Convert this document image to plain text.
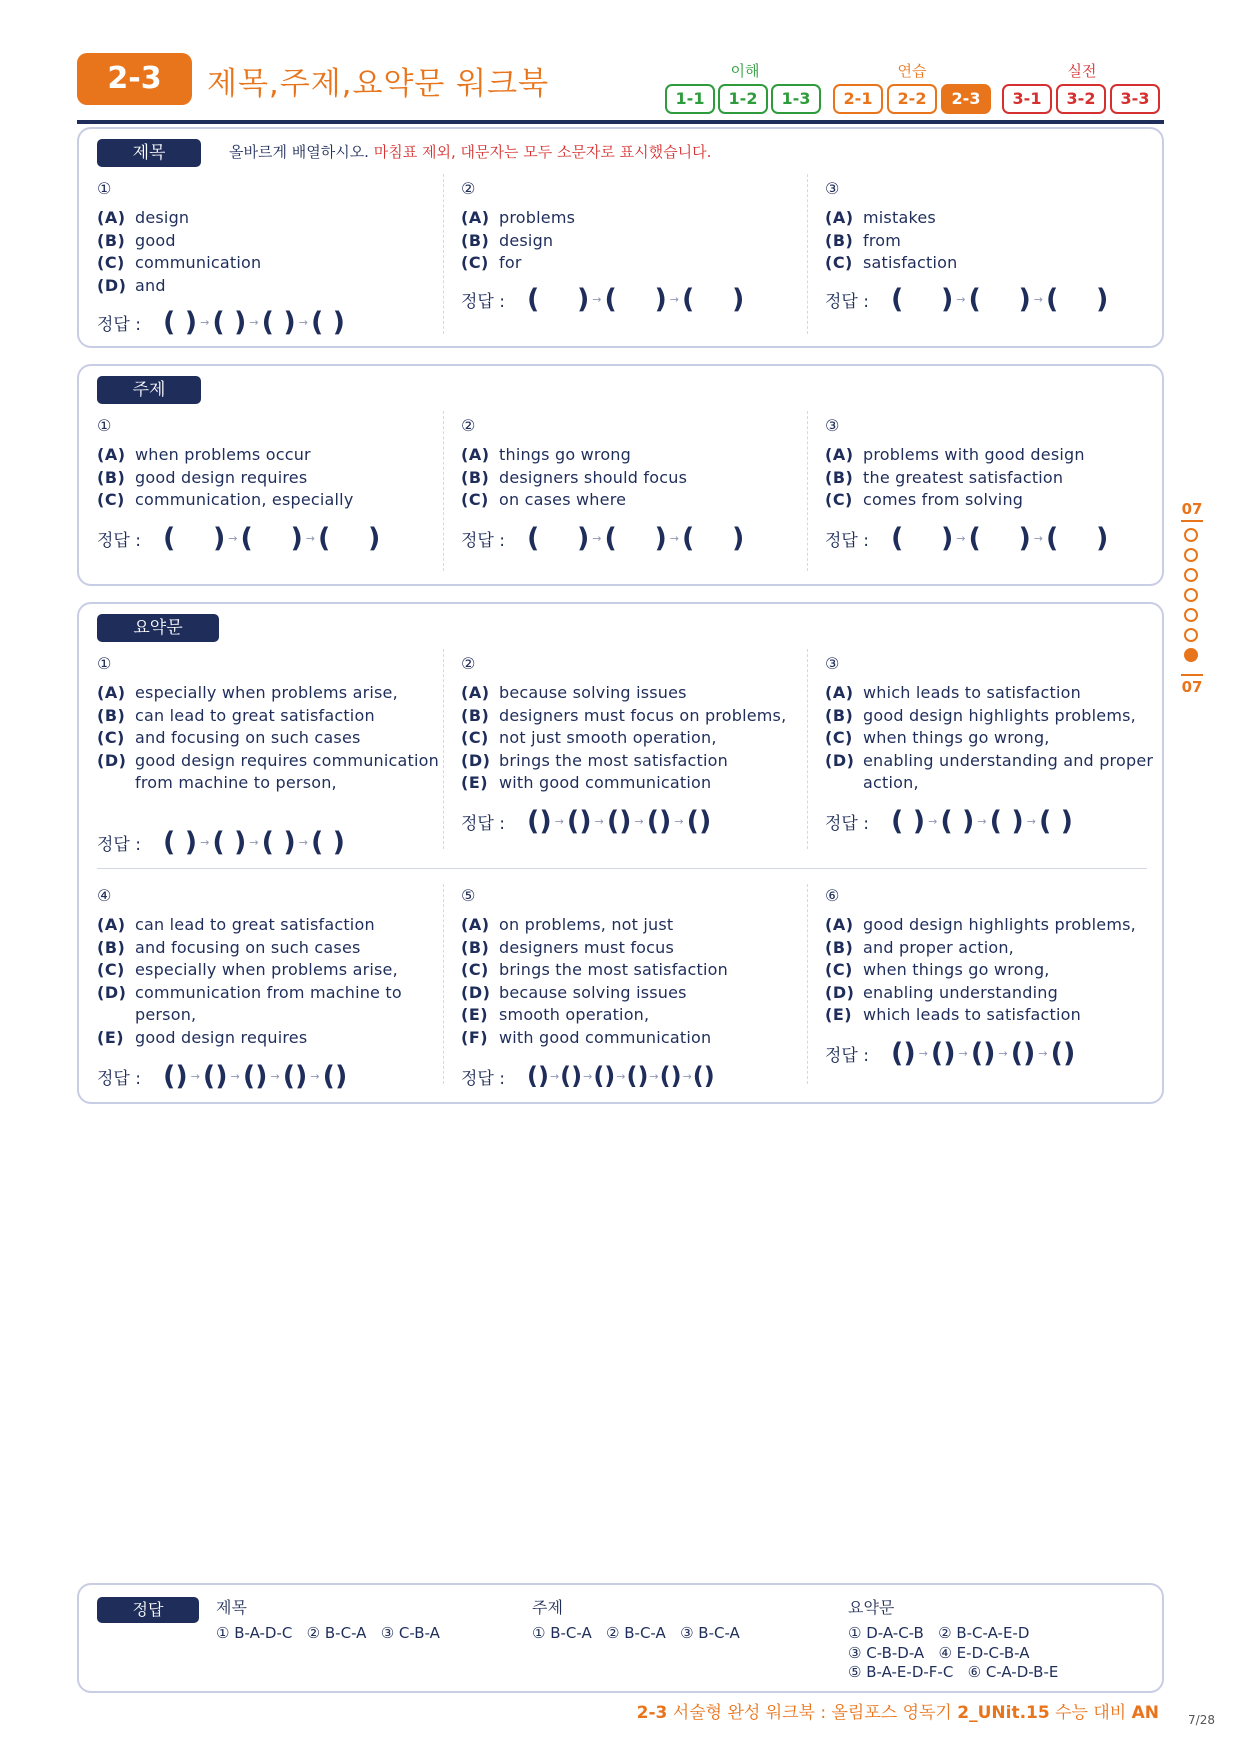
2-3	제목,주제,요약문 워크북	이해	연습	실전
1-1	1-2	1-3	2-1	2-2	2-3	3-1	3-2	3-3
제목	올바르게 배열하시오. 마침표 제외, 대문자는 모두 소문자로 표시했습니다.
①
(A) design
(B) good
(C) communication
(D) and
②
(A) problems
(B) design
(C) for
③
(A) mistakes
(B) from
(C) satisfaction
정답 : ( ) → ( ) → ( ) → ( )
정답 : (    ) → (    ) → (    )	정답 : (    ) → (    ) → (    )
주제
①
(A) when problems occur
(B) good design requires
(C) communication, especially
②
(A) things go wrong
(B) designers should focus
(C) on cases where
③
(A) problems with good design
(B) the greatest satisfaction
(C) comes from solving
정답 : (    ) → (    ) → (    )	정답 : (    ) → (    ) → (    )	정답 : (    ) → (    ) → (    )
요약문
①
(A) especially when problems arise,
(B) can lead to great satisfaction
(C) and focusing on such cases
(D) good design requires communication from machine to person,
②
(A) because solving issues
(B) designers must focus on problems,
(C) not just smooth operation,
(D) brings the most satisfaction
(E) with good communication
③
(A) which leads to satisfaction
(B) good design highlights problems,
(C) when things go wrong,
(D) enabling understanding and proper action,
정답 : ( ) → ( ) → ( ) → ( )
정답 : () → () → () → () → ()	정답 : ( ) → ( ) → ( ) → ( )
④
(A) can lead to great satisfaction
(B) and focusing on such cases
(C) especially when problems arise,
(D) communication from machine to person,
(E) good design requires
⑤
(A) on problems, not just
(B) designers must focus
(C) brings the most satisfaction
(D) because solving issues
(E) smooth operation,
(F) with good communication
⑥
(A) good design highlights problems,
(B) and proper action,
(C) when things go wrong,
(D) enabling understanding
(E) which leads to satisfaction
정답 : () → () → () → () → ()	정답 : () → () → () → () → () → ()
정답 : () → () → () → () → ()
07
07
정답	제목
① B-A-D-C   ② B-C-A   ③ C-B-A
주제
① B-C-A   ② B-C-A   ③ B-C-A
요약문
① D-A-C-B   ② B-C-A-E-D
③ C-B-D-A   ④ E-D-C-B-A
⑤ B-A-E-D-F-C   ⑥ C-A-D-B-E
2-3 서술형 완성 워크북 : 올림포스 영독기 2_UNit.15 수능 대비 AN 7/28
